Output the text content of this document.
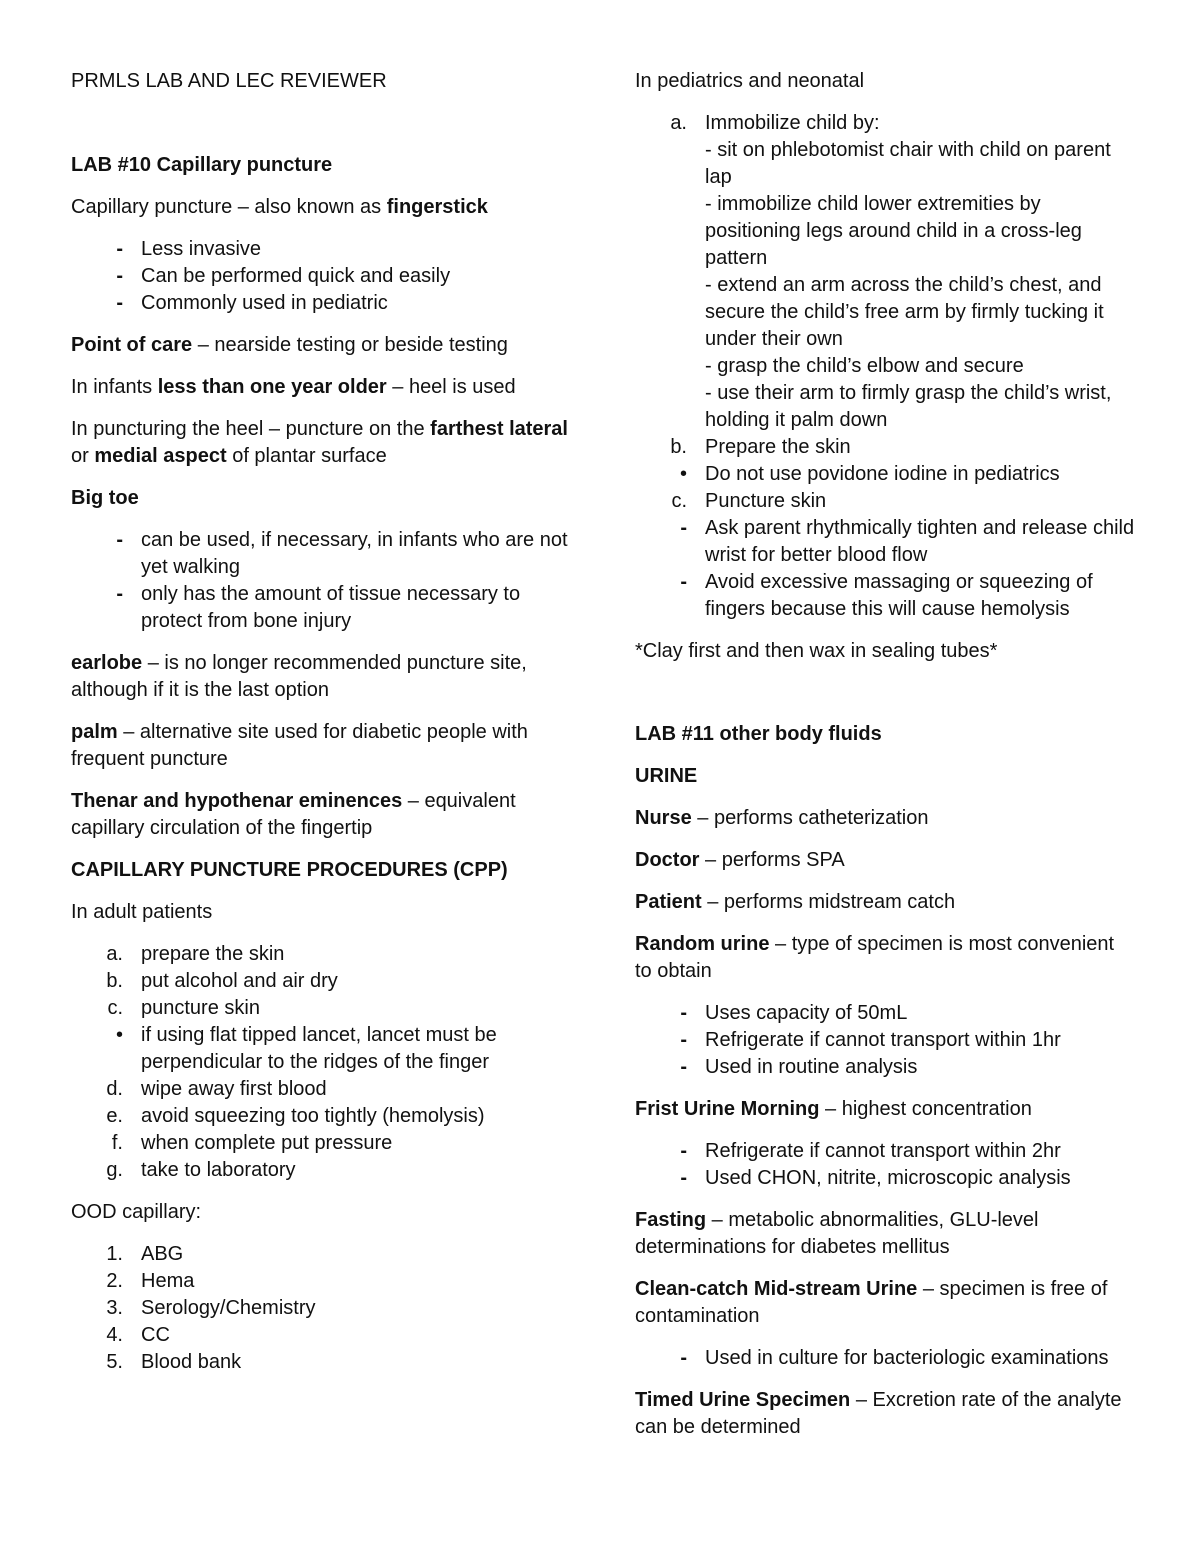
PRMLS LAB AND LEC REVIEWER
LAB #10 Capillary puncture
Capillary puncture – also known as fingerstick
- Less invasive
- Can be performed quick and easily
- Commonly used in pediatric
Point of care – nearside testing or beside testing
In infants less than one year older – heel is used
In puncturing the heel – puncture on the farthest lateral or medial aspect of plantar surface
Big toe
- can be used, if necessary, in infants who are not yet walking
- only has the amount of tissue necessary to protect from bone injury
earlobe – is no longer recommended puncture site, although if it is the last option
palm – alternative site used for diabetic people with frequent puncture
Thenar and hypothenar eminences – equivalent capillary circulation of the fingertip
CAPILLARY PUNCTURE PROCEDURES (CPP)
In adult patients
a. prepare the skin
b. put alcohol and air dry
c. puncture skin
• if using flat tipped lancet, lancet must be perpendicular to the ridges of the finger
d. wipe away first blood
e. avoid squeezing too tightly (hemolysis)
f. when complete put pressure
g. take to laboratory
OOD capillary:
1. ABG
2. Hema
3. Serology/Chemistry
4. CC
5. Blood bank
In pediatrics and neonatal
a. Immobilize child by:
- sit on phlebotomist chair with child on parent lap
- immobilize child lower extremities by positioning legs around child in a cross-leg pattern
- extend an arm across the child’s chest, and secure the child’s free arm by firmly tucking it under their own
- grasp the child’s elbow and secure
- use their arm to firmly grasp the child’s wrist, holding it palm down
b. Prepare the skin
• Do not use povidone iodine in pediatrics
c. Puncture skin
- Ask parent rhythmically tighten and release child wrist for better blood flow
- Avoid excessive massaging or squeezing of fingers because this will cause hemolysis
*Clay first and then wax in sealing tubes*
LAB #11 other body fluids
URINE
Nurse – performs catheterization
Doctor – performs SPA
Patient – performs midstream catch
Random urine – type of specimen is most convenient to obtain
- Uses capacity of 50mL
- Refrigerate if cannot transport within 1hr
- Used in routine analysis
Frist Urine Morning – highest concentration
- Refrigerate if cannot transport within 2hr
- Used CHON, nitrite, microscopic analysis
Fasting – metabolic abnormalities, GLU-level determinations for diabetes mellitus
Clean-catch Mid-stream Urine – specimen is free of contamination
- Used in culture for bacteriologic examinations
Timed Urine Specimen – Excretion rate of the analyte can be determined
